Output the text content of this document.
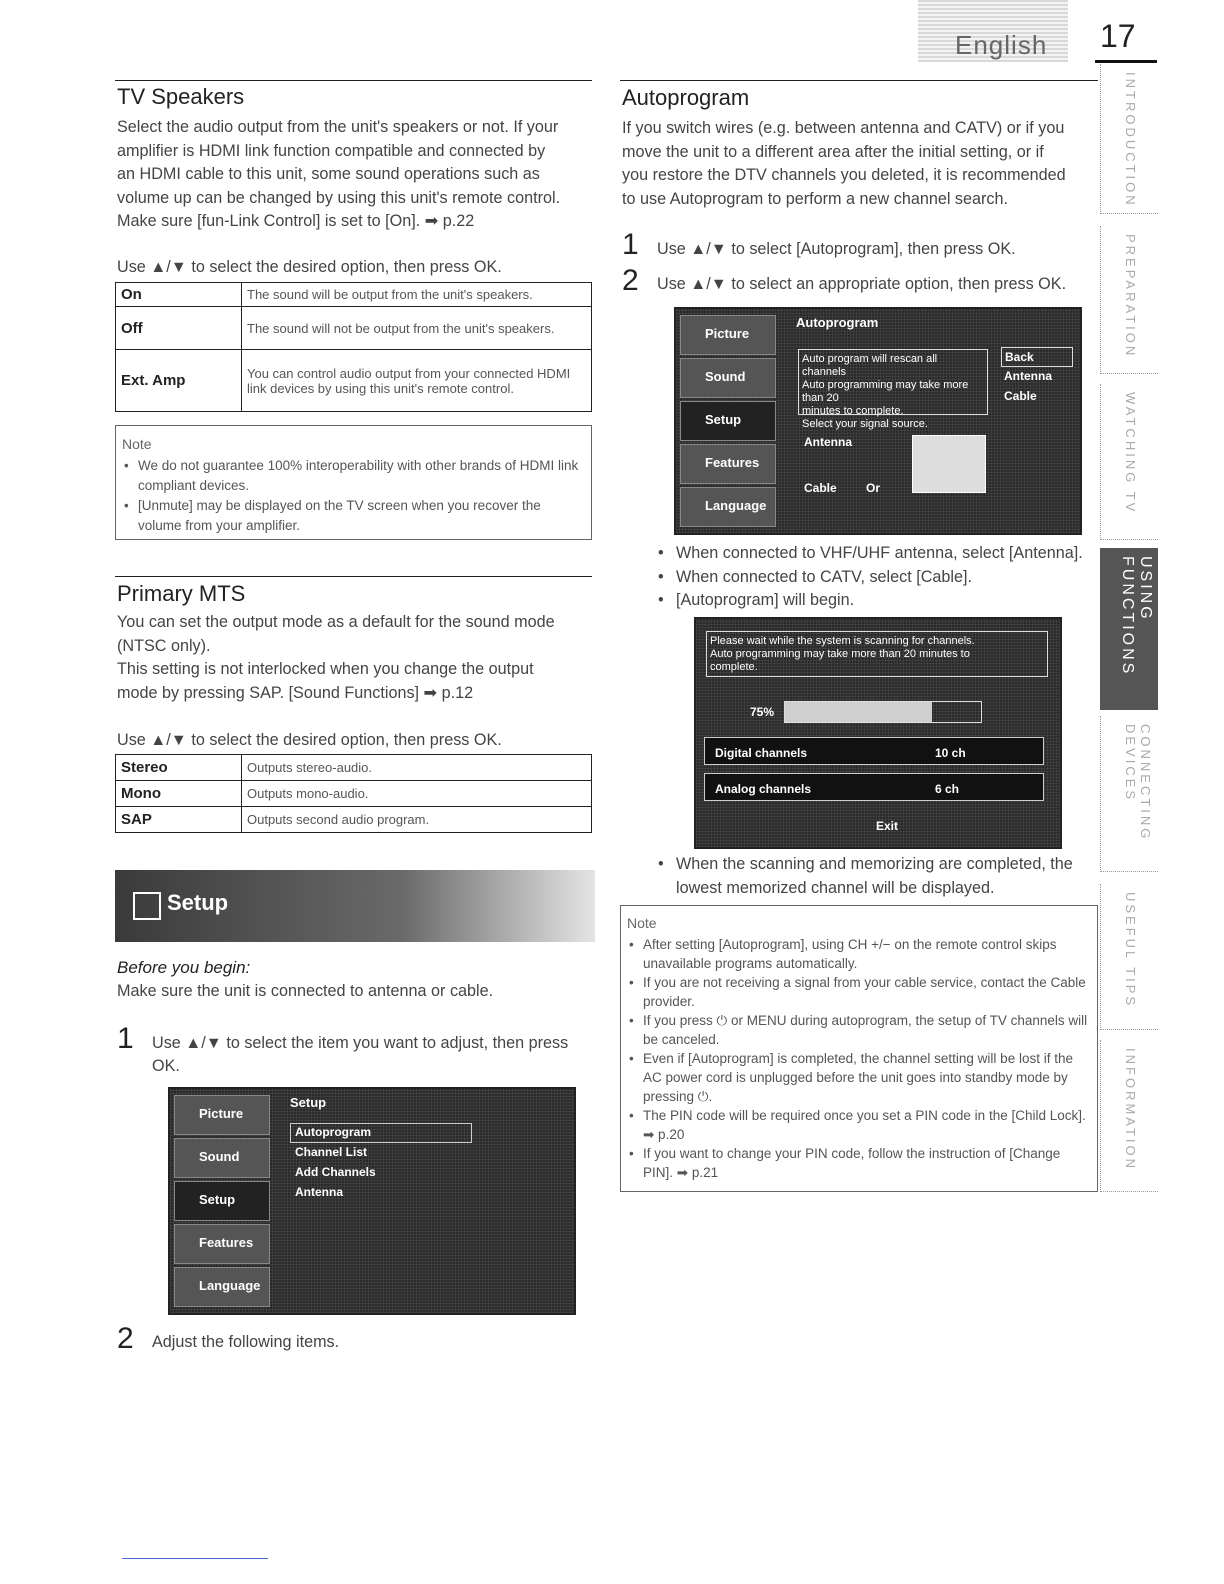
English 17
TV Speakers
Select the audio output from the unit's speakers or not. If your
amplifier is HDMI link function compatible and connected by
an HDMI cable to this unit, some sound operations such as
volume up can be changed by using this unit's remote control.
Make sure [fun-Link Control] is set to [On]. ➡ p.22
Use ▲/▼ to select the desired option, then press OK.
On	The sound will be output from the unit's speakers.
Off	The sound will not be output from the unit's speakers.
Ext. Amp	You can control audio output from your connected HDMI link devices by using this unit's remote control.
Note
• We do not guarantee 100% interoperability with other brands of HDMI link compliant devices.
• [Unmute] may be displayed on the TV screen when you recover the volume from your amplifier.
Primary MTS
You can set the output mode as a default for the sound mode
(NTSC only).
This setting is not interlocked when you change the output
mode by pressing SAP. [Sound Functions] ➡ p.12
Use ▲/▼ to select the desired option, then press OK.
Stereo	Outputs stereo-audio.
Mono	Outputs mono-audio.
SAP	Outputs second audio program.
Setup
Before you begin:
Make sure the unit is connected to antenna or cable.
1 Use ▲/▼ to select the item you want to adjust, then press
OK.
Picture
Sound
Setup
Features
Language
Setup
Autoprogram
Channel List
Add Channels
Antenna
2 Adjust the following items.
Autoprogram
If you switch wires (e.g. between antenna and CATV) or if you
move the unit to a different area after the initial setting, or if
you restore the DTV channels you deleted, it is recommended
to use Autoprogram to perform a new channel search.
1 Use ▲/▼ to select [Autoprogram], then press OK.
2 Use ▲/▼ to select an appropriate option, then press OK.
Picture
Sound
Setup
Features
Language
Autoprogram
Auto program will rescan all channels
Auto programming may take more than 20
minutes to complete.
Select your signal source.
Back
Antenna
Cable
Antenna
Cable Or
• When connected to VHF/UHF antenna, select [Antenna].
• When connected to CATV, select [Cable].
• [Autoprogram] will begin.
Please wait while the system is scanning for channels.
Auto programming may take more than 20 minutes to
complete.
75%
Digital channels	10 ch
Analog channels	6 ch
Exit
• When the scanning and memorizing are completed, the
lowest memorized channel will be displayed.
Note
• After setting [Autoprogram], using CH +/− on the remote control skips unavailable programs automatically.
• If you are not receiving a signal from your cable service, contact the Cable provider.
• If you press ⏻ or MENU during autoprogram, the setup of TV channels will be canceled.
• Even if [Autoprogram] is completed, the channel setting will be lost if the AC power cord is unplugged before the unit goes into standby mode by pressing ⏻.
• The PIN code will be required once you set a PIN code in the [Child Lock]. ➡ p.20
• If you want to change your PIN code, follow the instruction of [Change PIN]. ➡ p.21
INTRODUCTION
PREPARATION
WATCHING TV
USING FUNCTIONS
CONNECTING DEVICES
USEFUL TIPS
INFORMATION
